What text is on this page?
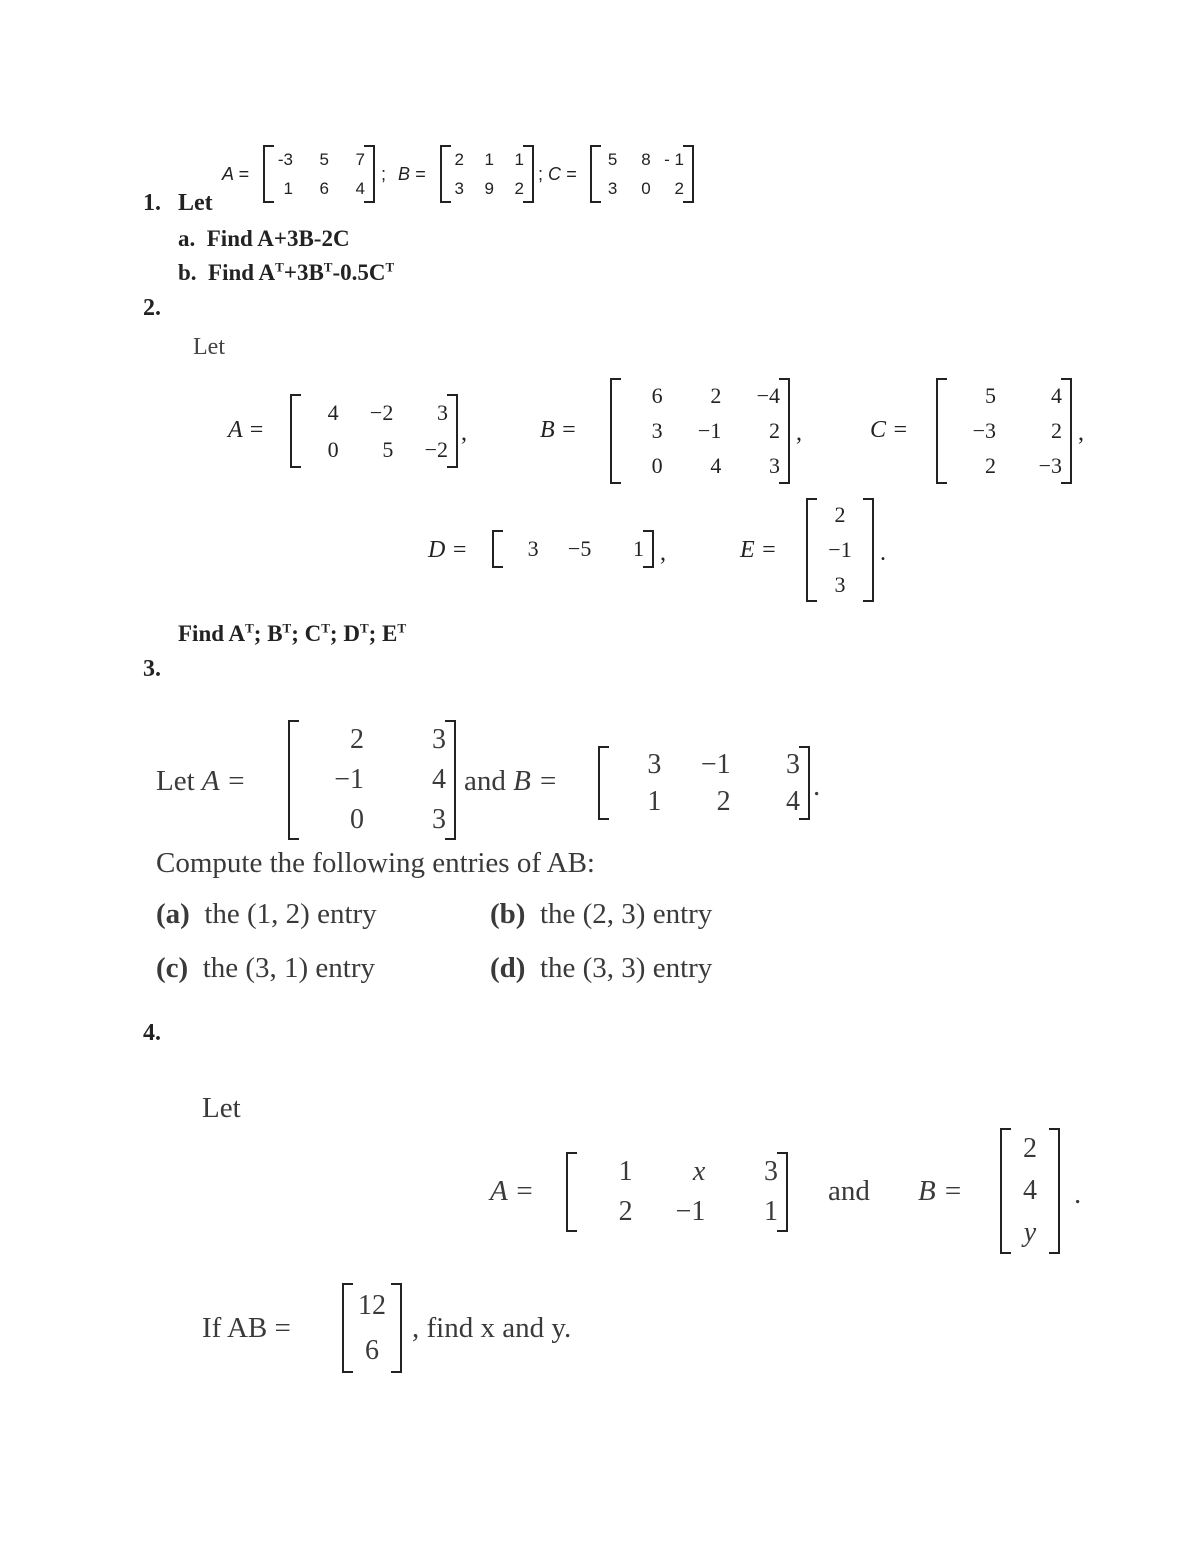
1. Let
A =
-3	5	7
1	6	4
; B =
2	1	1
3	9	2
; C =
5	8 - 1
3	0	2
a. Find A+3B-2C
b. Find $A^T+3B^T-0.5C^T$
2.
Let
A =
4	−2	3
0	5	−2
,	B =
6	2	−4
3	−1	2
0	4	3
,	C =
5	4
−3	2
2	−3
,
D =	3	−5	1 ,	E =
2
−1
3
.
Find $A^T$; $B^T$; $C^T$; $D^T$; $E^T$
3.
Let A =
2	3
−1	4
0	3
and B =
3	−1	3
1	2	4 .
Compute the following entries of AB:
(a) the (1, 2) entry	(b) the (2, 3) entry
(c) the (3, 1) entry	(d) the (3, 3) entry
4.
Let
A =
1	x	3
2	−1	1
and B =
2
4
y
.
If AB =
12
6
, find x and y.
